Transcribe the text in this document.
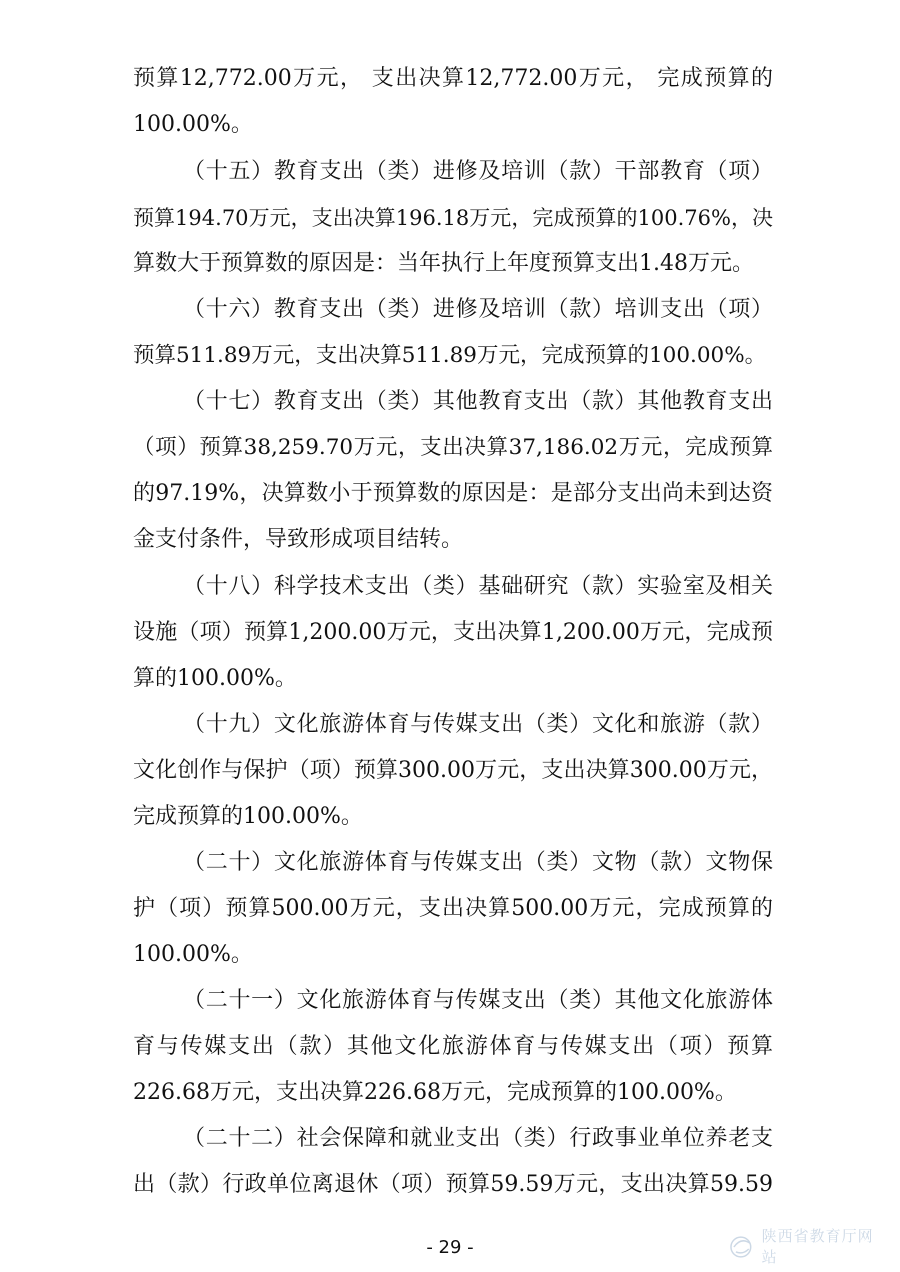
预算12,772.00万元， 支出决算12,772.00万元， 完成预算的
100.00%。
（十五）教育支出（类）进修及培训（款）干部教育（项）
预算194.70万元，支出决算196.18万元，完成预算的100.76%，决
算数大于预算数的原因是：当年执行上年度预算支出1.48万元。
（十六）教育支出（类）进修及培训（款）培训支出（项）
预算511.89万元，支出决算511.89万元，完成预算的100.00%。
（十七）教育支出（类）其他教育支出（款）其他教育支出
（项）预算38,259.70万元，支出决算37,186.02万元，完成预算
的97.19%，决算数小于预算数的原因是：是部分支出尚未到达资
金支付条件，导致形成项目结转。
（十八）科学技术支出（类）基础研究（款）实验室及相关
设施（项）预算1,200.00万元，支出决算1,200.00万元，完成预
算的100.00%。
（十九）文化旅游体育与传媒支出（类）文化和旅游（款）
文化创作与保护（项）预算300.00万元，支出决算300.00万元，
完成预算的100.00%。
（二十）文化旅游体育与传媒支出（类）文物（款）文物保
护（项）预算500.00万元，支出决算500.00万元，完成预算的
100.00%。
（二十一）文化旅游体育与传媒支出（类）其他文化旅游体
育与传媒支出（款）其他文化旅游体育与传媒支出（项）预算
226.68万元，支出决算226.68万元，完成预算的100.00%。
（二十二）社会保障和就业支出（类）行政事业单位养老支
出（款）行政单位离退休（项）预算59.59万元，支出决算59.59
- 29 -
陕西省教育厅网站
